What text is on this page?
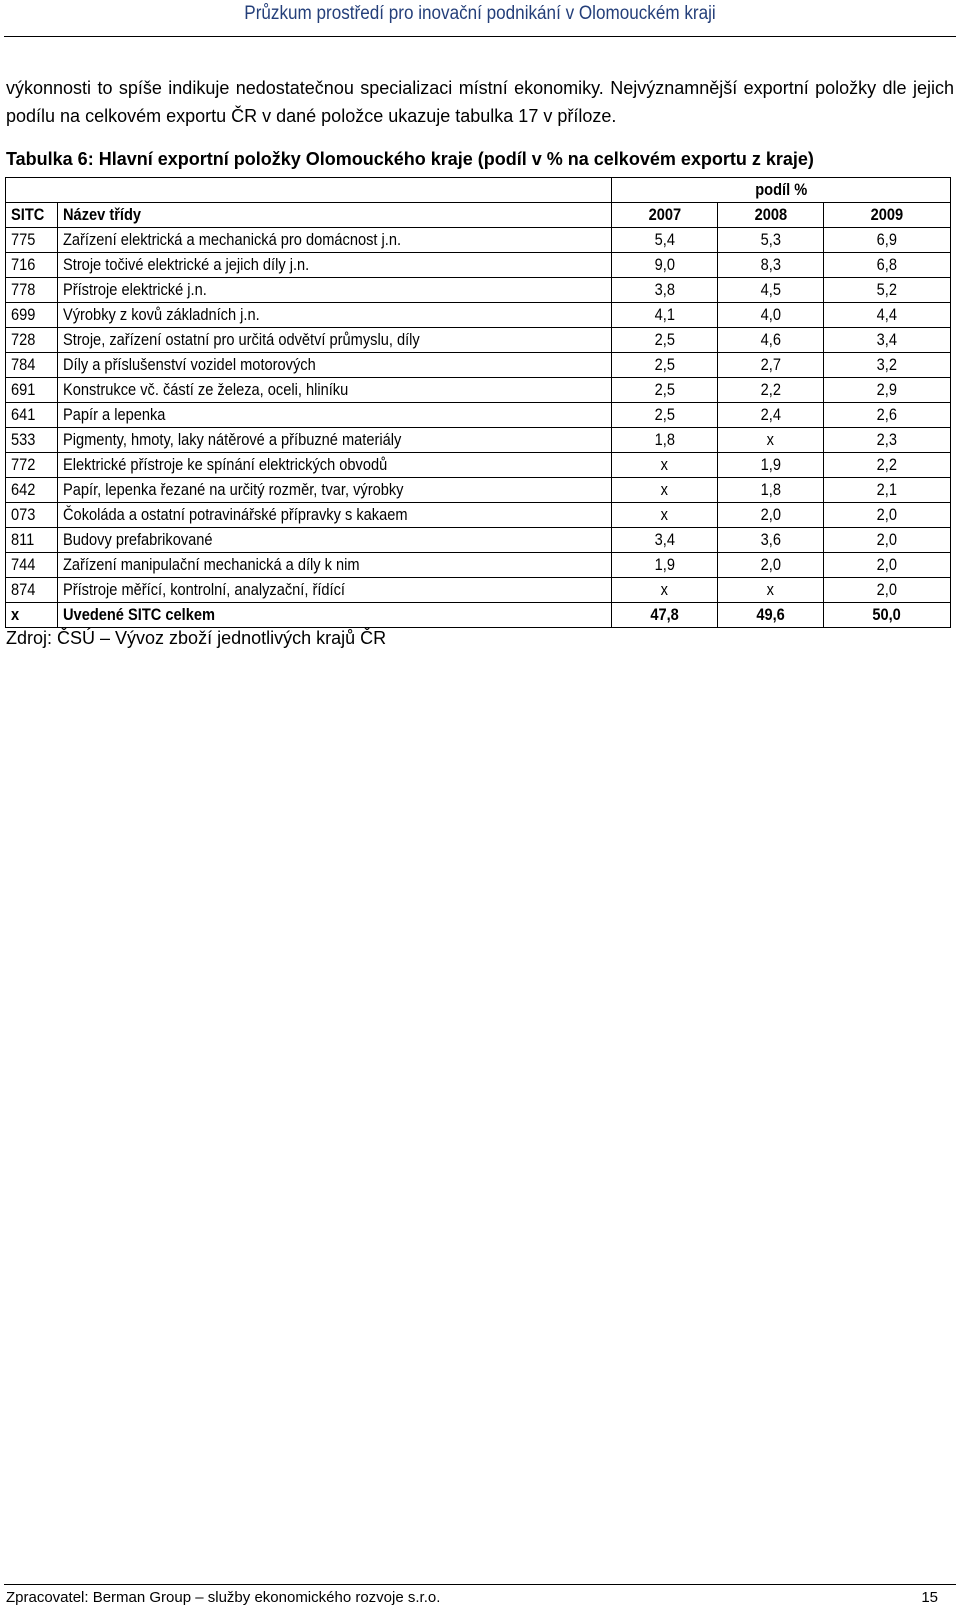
Průzkum prostředí pro inovační podnikání v Olomouckém kraji

výkonnosti to spíše indikuje nedostatečnou specializaci místní ekonomiky. Nejvýznamnější exportní položky dle jejich podílu na celkovém exportu ČR v dané položce ukazuje tabulka 17 v příloze.

Tabulka 6: Hlavní exportní položky Olomouckého kraje (podíl v % na celkovém exportu z kraje)

		podíl %		
SITC	Název třídy	2007	2008	2009
775	Zařízení elektrická a mechanická pro domácnost j.n.	5,4	5,3	6,9
716	Stroje točivé elektrické a jejich díly j.n.	9,0	8,3	6,8
778	Přístroje elektrické j.n.	3,8	4,5	5,2
699	Výrobky z kovů základních j.n.	4,1	4,0	4,4
728	Stroje, zařízení ostatní pro určitá odvětví průmyslu, díly	2,5	4,6	3,4
784	Díly a příslušenství vozidel motorových	2,5	2,7	3,2
691	Konstrukce vč. částí ze železa, oceli, hliníku	2,5	2,2	2,9
641	Papír a lepenka	2,5	2,4	2,6
533	Pigmenty, hmoty, laky nátěrové a příbuzné materiály	1,8	x	2,3
772	Elektrické přístroje ke spínání elektrických obvodů	x	1,9	2,2
642	Papír, lepenka řezané na určitý rozměr, tvar, výrobky	x	1,8	2,1
073	Čokoláda a ostatní potravinářské přípravky s kakaem	x	2,0	2,0
811	Budovy prefabrikované	3,4	3,6	2,0
744	Zařízení manipulační mechanická a díly k nim	1,9	2,0	2,0
874	Přístroje měřící, kontrolní, analyzační, řídící	x	x	2,0
x	Uvedené SITC celkem	47,8	49,6	50,0

Zdroj: ČSÚ – Vývoz zboží jednotlivých krajů ČR

Zpracovatel: Berman Group – služby ekonomického rozvoje s.r.o.	15
